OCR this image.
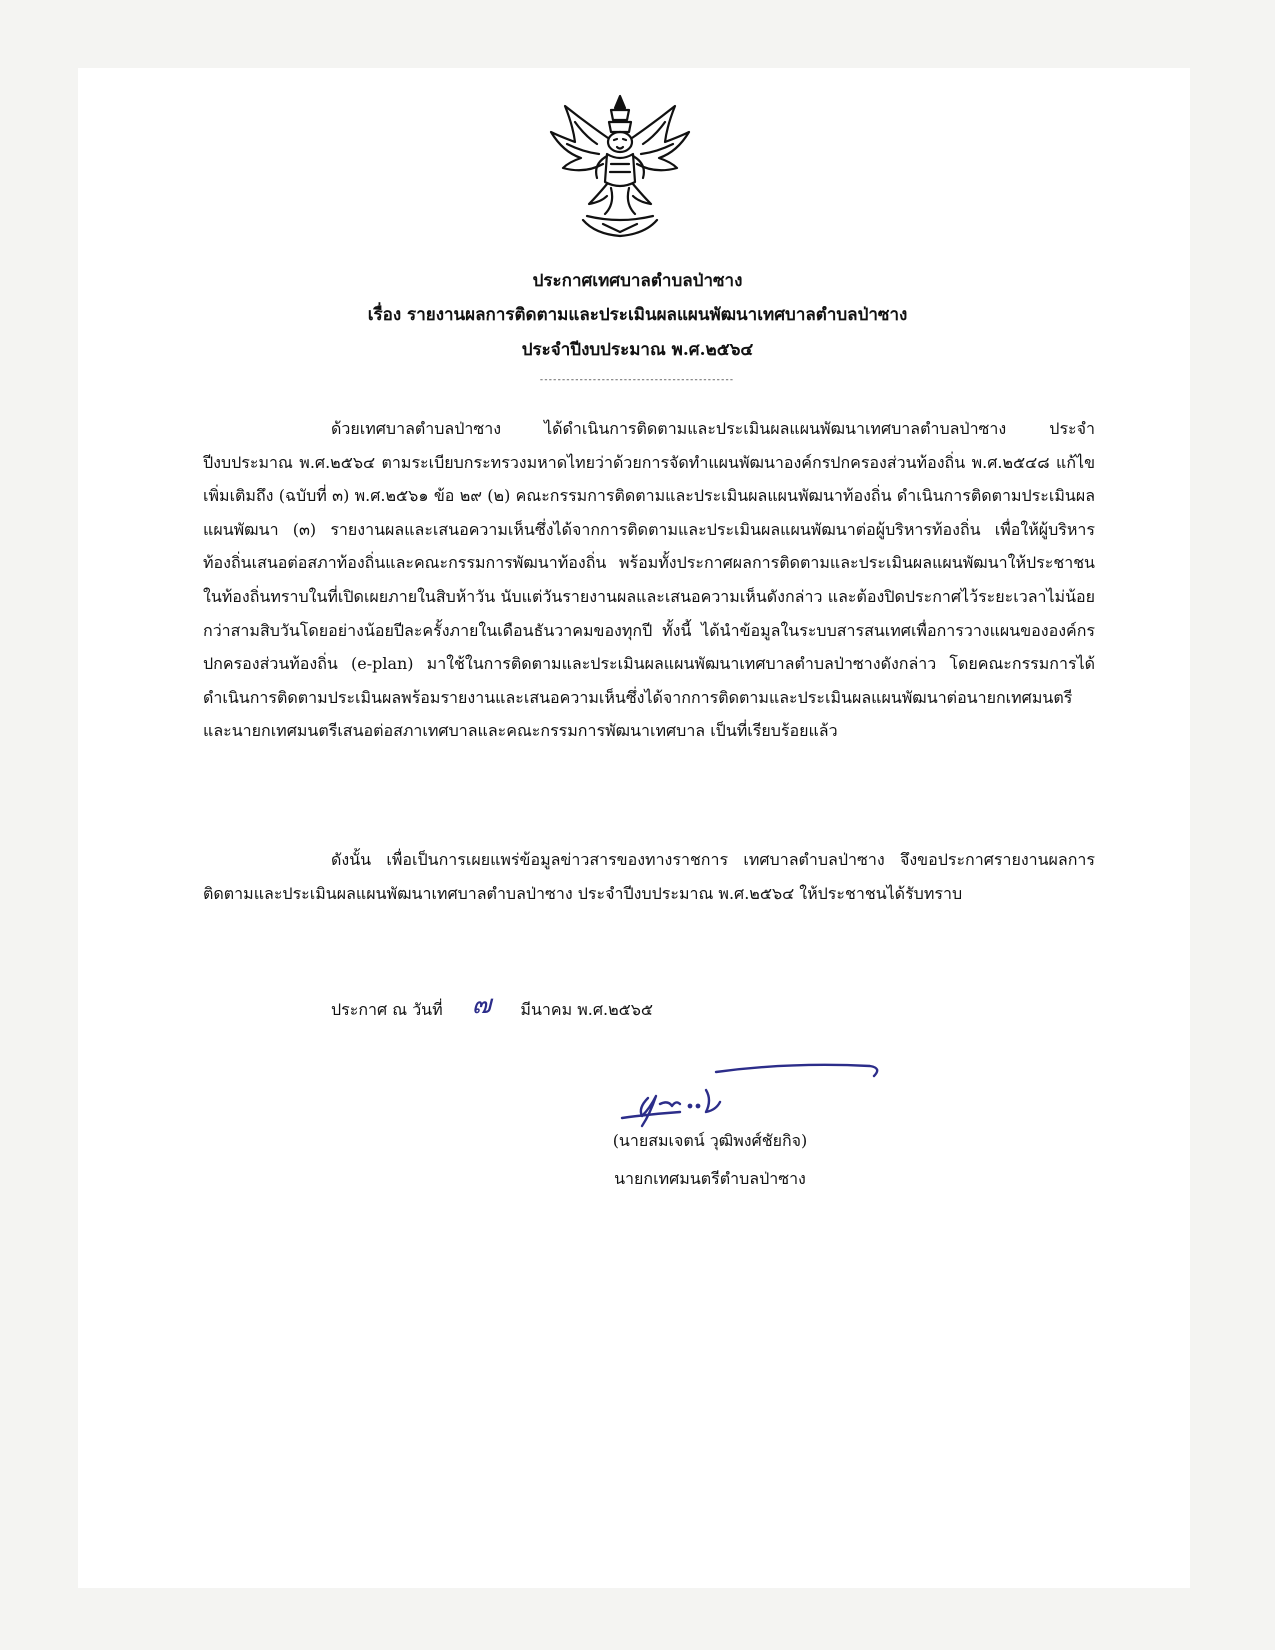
ประกาศเทศบาลตำบลป่าซาง
เรื่อง รายงานผลการติดตามและประเมินผลแผนพัฒนาเทศบาลตำบลป่าซาง
ประจำปีงบประมาณ พ.ศ.๒๕๖๔
--------------------------------------------
ด้วยเทศบาลตำบลป่าซาง ได้ดำเนินการติดตามและประเมินผลแผนพัฒนาเทศบาลตำบลป่าซาง ประจำปีงบประมาณ พ.ศ.๒๕๖๔ ตามระเบียบกระทรวงมหาดไทยว่าด้วยการจัดทำแผนพัฒนาองค์กรปกครองส่วนท้องถิ่น พ.ศ.๒๕๔๘ แก้ไขเพิ่มเติมถึง (ฉบับที่ ๓) พ.ศ.๒๕๖๑ ข้อ ๒๙ (๒) คณะกรรมการติดตามและประเมินผลแผนพัฒนาท้องถิ่น ดำเนินการติดตามประเมินผลแผนพัฒนา (๓) รายงานผลและเสนอความเห็นซึ่งได้จากการติดตามและประเมินผลแผนพัฒนาต่อผู้บริหารท้องถิ่น เพื่อให้ผู้บริหารท้องถิ่นเสนอต่อสภาท้องถิ่นและคณะกรรมการพัฒนาท้องถิ่น พร้อมทั้งประกาศผลการติดตามและประเมินผลแผนพัฒนาให้ประชาชนในท้องถิ่นทราบในที่เปิดเผยภายในสิบห้าวัน นับแต่วันรายงานผลและเสนอความเห็นดังกล่าว และต้องปิดประกาศไว้ระยะเวลาไม่น้อยกว่าสามสิบวันโดยอย่างน้อยปีละครั้งภายในเดือนธันวาคมของทุกปี ทั้งนี้ ได้นำข้อมูลในระบบสารสนเทศเพื่อการวางแผนขององค์กรปกครองส่วนท้องถิ่น (e-plan) มาใช้ในการติดตามและประเมินผลแผนพัฒนาเทศบาลตำบลป่าซางดังกล่าว โดยคณะกรรมการได้ดำเนินการติดตามประเมินผลพร้อมรายงานและเสนอความเห็นซึ่งได้จากการติดตามและประเมินผลแผนพัฒนาต่อนายกเทศมนตรี และนายกเทศมนตรีเสนอต่อสภาเทศบาลและคณะกรรมการพัฒนาเทศบาล เป็นที่เรียบร้อยแล้ว
ดังนั้น เพื่อเป็นการเผยแพร่ข้อมูลข่าวสารของทางราชการ เทศบาลตำบลป่าซาง จึงขอประกาศรายงานผลการติดตามและประเมินผลแผนพัฒนาเทศบาลตำบลป่าซาง ประจำปีงบประมาณ พ.ศ.๒๕๖๔ ให้ประชาชนได้รับทราบ
ประกาศ ณ วันที่ ๗ มีนาคม พ.ศ.๒๕๖๕
(นายสมเจตน์ วุฒิพงศ์ชัยกิจ)
นายกเทศมนตรีตำบลป่าซาง
